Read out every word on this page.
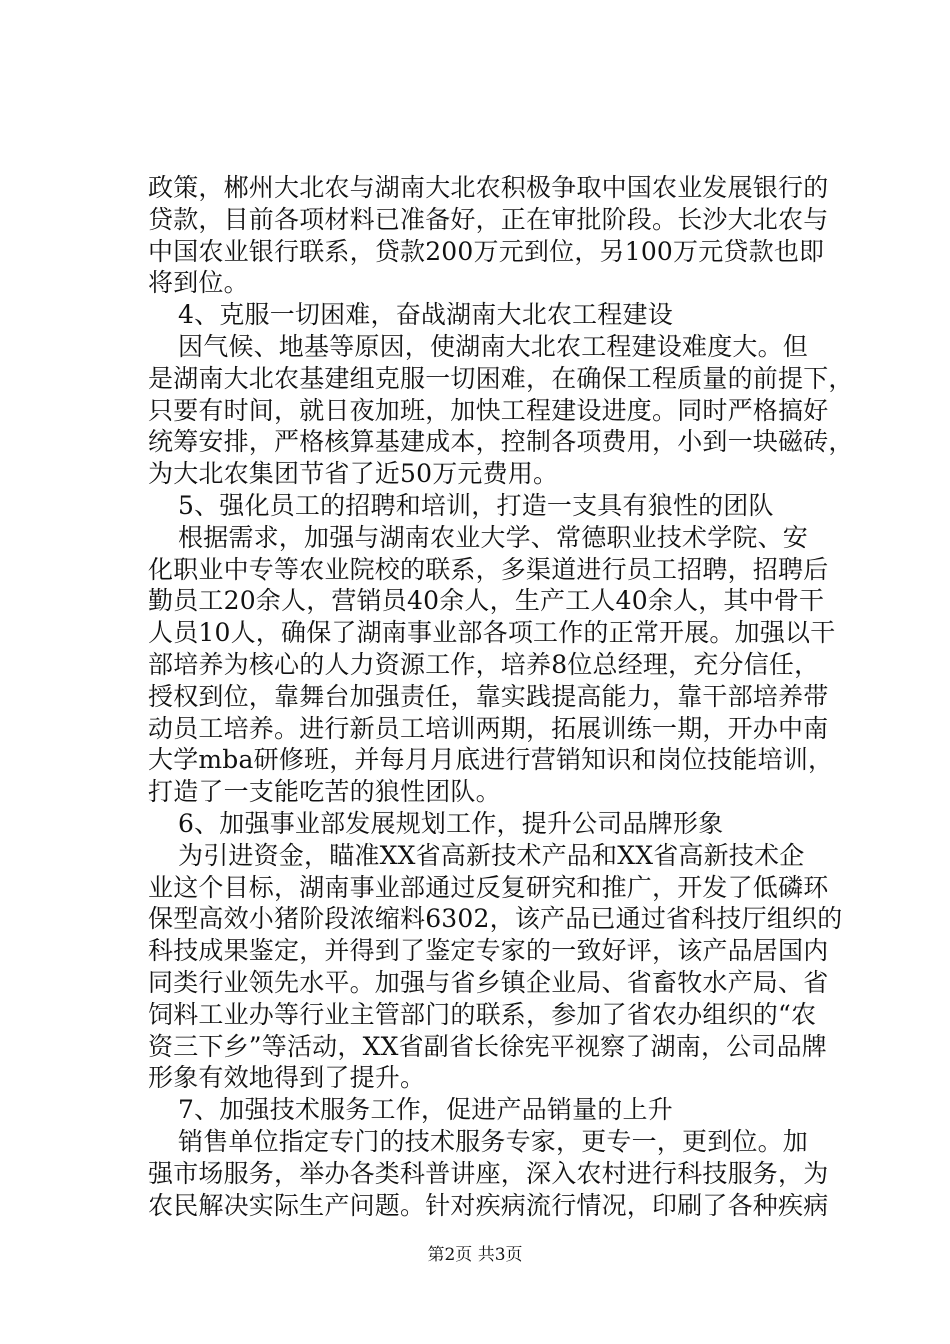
政策，郴州大北农与湖南大北农积极争取中国农业发展银行的
贷款，目前各项材料已准备好，正在审批阶段。长沙大北农与
中国农业银行联系，贷款200万元到位，另100万元贷款也即
将到位。
4、克服一切困难，奋战湖南大北农工程建设
因气候、地基等原因，使湖南大北农工程建设难度大。但
是湖南大北农基建组克服一切困难，在确保工程质量的前提下，
只要有时间，就日夜加班，加快工程建设进度。同时严格搞好
统筹安排，严格核算基建成本，控制各项费用，小到一块磁砖，
为大北农集团节省了近50万元费用。
5、强化员工的招聘和培训，打造一支具有狼性的团队
根据需求，加强与湖南农业大学、常德职业技术学院、安
化职业中专等农业院校的联系，多渠道进行员工招聘，招聘后
勤员工20余人，营销员40余人，生产工人40余人，其中骨干
人员10人，确保了湖南事业部各项工作的正常开展。加强以干
部培养为核心的人力资源工作，培养8位总经理，充分信任，
授权到位，靠舞台加强责任，靠实践提高能力，靠干部培养带
动员工培养。进行新员工培训两期，拓展训练一期，开办中南
大学mba研修班，并每月月底进行营销知识和岗位技能培训，
打造了一支能吃苦的狼性团队。
6、加强事业部发展规划工作，提升公司品牌形象
为引进资金，瞄准XX省高新技术产品和XX省高新技术企
业这个目标，湖南事业部通过反复研究和推广，开发了低磷环
保型高效小猪阶段浓缩料6302，该产品已通过省科技厅组织的
科技成果鉴定，并得到了鉴定专家的一致好评，该产品居国内
同类行业领先水平。加强与省乡镇企业局、省畜牧水产局、省
饲料工业办等行业主管部门的联系，参加了省农办组织的“农
资三下乡”等活动，XX省副省长徐宪平视察了湖南，公司品牌
形象有效地得到了提升。
7、加强技术服务工作，促进产品销量的上升
销售单位指定专门的技术服务专家，更专一，更到位。加
强市场服务，举办各类科普讲座，深入农村进行科技服务，为
农民解决实际生产问题。针对疾病流行情况，印刷了各种疾病
第2页 共3页
